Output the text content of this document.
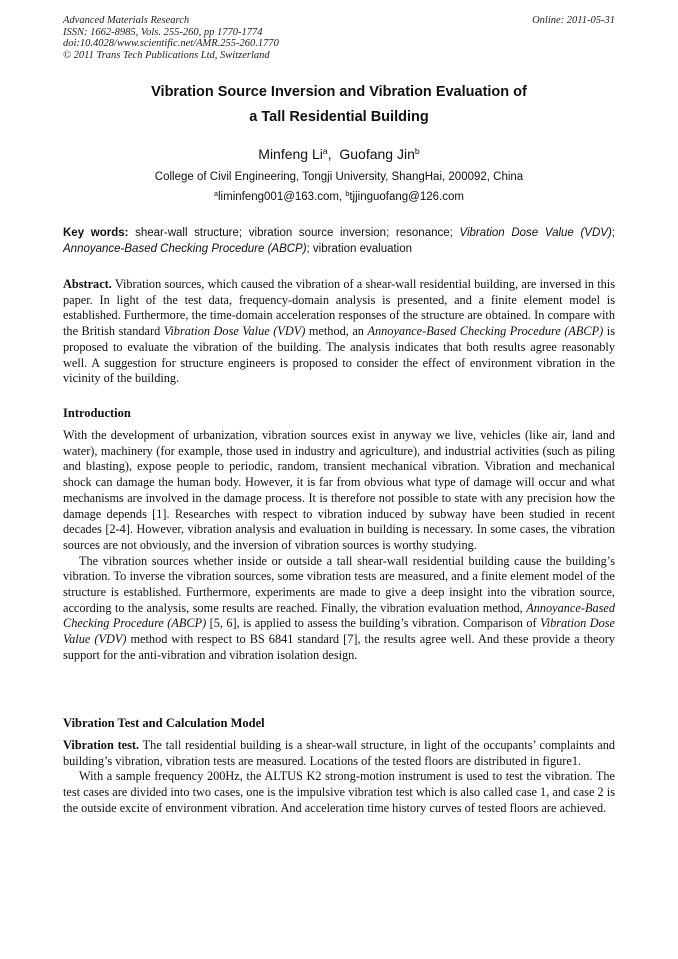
Advanced Materials Research
ISSN: 1662-8985, Vols. 255-260, pp 1770-1774
doi:10.4028/www.scientific.net/AMR.255-260.1770
© 2011 Trans Tech Publications Ltd, Switzerland
Online: 2011-05-31
Vibration Source Inversion and Vibration Evaluation of
a Tall Residential Building
Minfeng Li$^a$,  Guofang Jin$^b$
College of Civil Engineering, Tongji University, ShangHai, 200092, China
$^a$liminfeng001@163.com, $^b$tjjinguofang@126.com
Key words: shear-wall structure; vibration source inversion; resonance; Vibration Dose Value (VDV); Annoyance-Based Checking Procedure (ABCP); vibration evaluation
Abstract. Vibration sources, which caused the vibration of a shear-wall residential building, are inversed in this paper. In light of the test data, frequency-domain analysis is presented, and a finite element model is established. Furthermore, the time-domain acceleration responses of the structure are obtained. In compare with the British standard Vibration Dose Value (VDV) method, an Annoyance-Based Checking Procedure (ABCP) is proposed to evaluate the vibration of the building. The analysis indicates that both results agree reasonably well. A suggestion for structure engineers is proposed to consider the effect of environment vibration in the vicinity of the building.
Introduction

With the development of urbanization, vibration sources exist in anyway we live, vehicles (like air, land and water), machinery (for example, those used in industry and agriculture), and industrial activities (such as piling and blasting), expose people to periodic, random, transient mechanical vibration. Vibration and mechanical shock can damage the human body. However, it is far from obvious what type of damage will occur and what mechanisms are involved in the damage process. It is therefore not possible to state with any precision how the damage depends [1]. Researches with respect to vibration induced by subway have been studied in recent decades [2-4]. However, vibration analysis and evaluation in building is necessary. In some cases, the vibration sources are not obviously, and the inversion of vibration sources is worthy studying.

The vibration sources whether inside or outside a tall shear-wall residential building cause the building’s vibration. To inverse the vibration sources, some vibration tests are measured, and a finite element model of the structure is established. Furthermore, experiments are made to give a deep insight into the vibration source, according to the analysis, some results are reached. Finally, the vibration evaluation method, Annoyance-Based Checking Procedure (ABCP) [5, 6], is applied to assess the building’s vibration. Comparison of Vibration Dose Value (VDV) method with respect to BS 6841 standard [7], the results agree well. And these provide a theory support for the anti-vibration and vibration isolation design.

Vibration Test and Calculation Model

Vibration test. The tall residential building is a shear-wall structure, in light of the occupants’ complaints and building’s vibration, vibration tests are measured. Locations of the tested floors are distributed in figure1.

With a sample frequency 200Hz, the ALTUS K2 strong-motion instrument is used to test the vibration. The test cases are divided into two cases, one is the impulsive vibration test which is also called case 1, and case 2 is the outside excite of environment vibration. And acceleration time history curves of tested floors are achieved.
